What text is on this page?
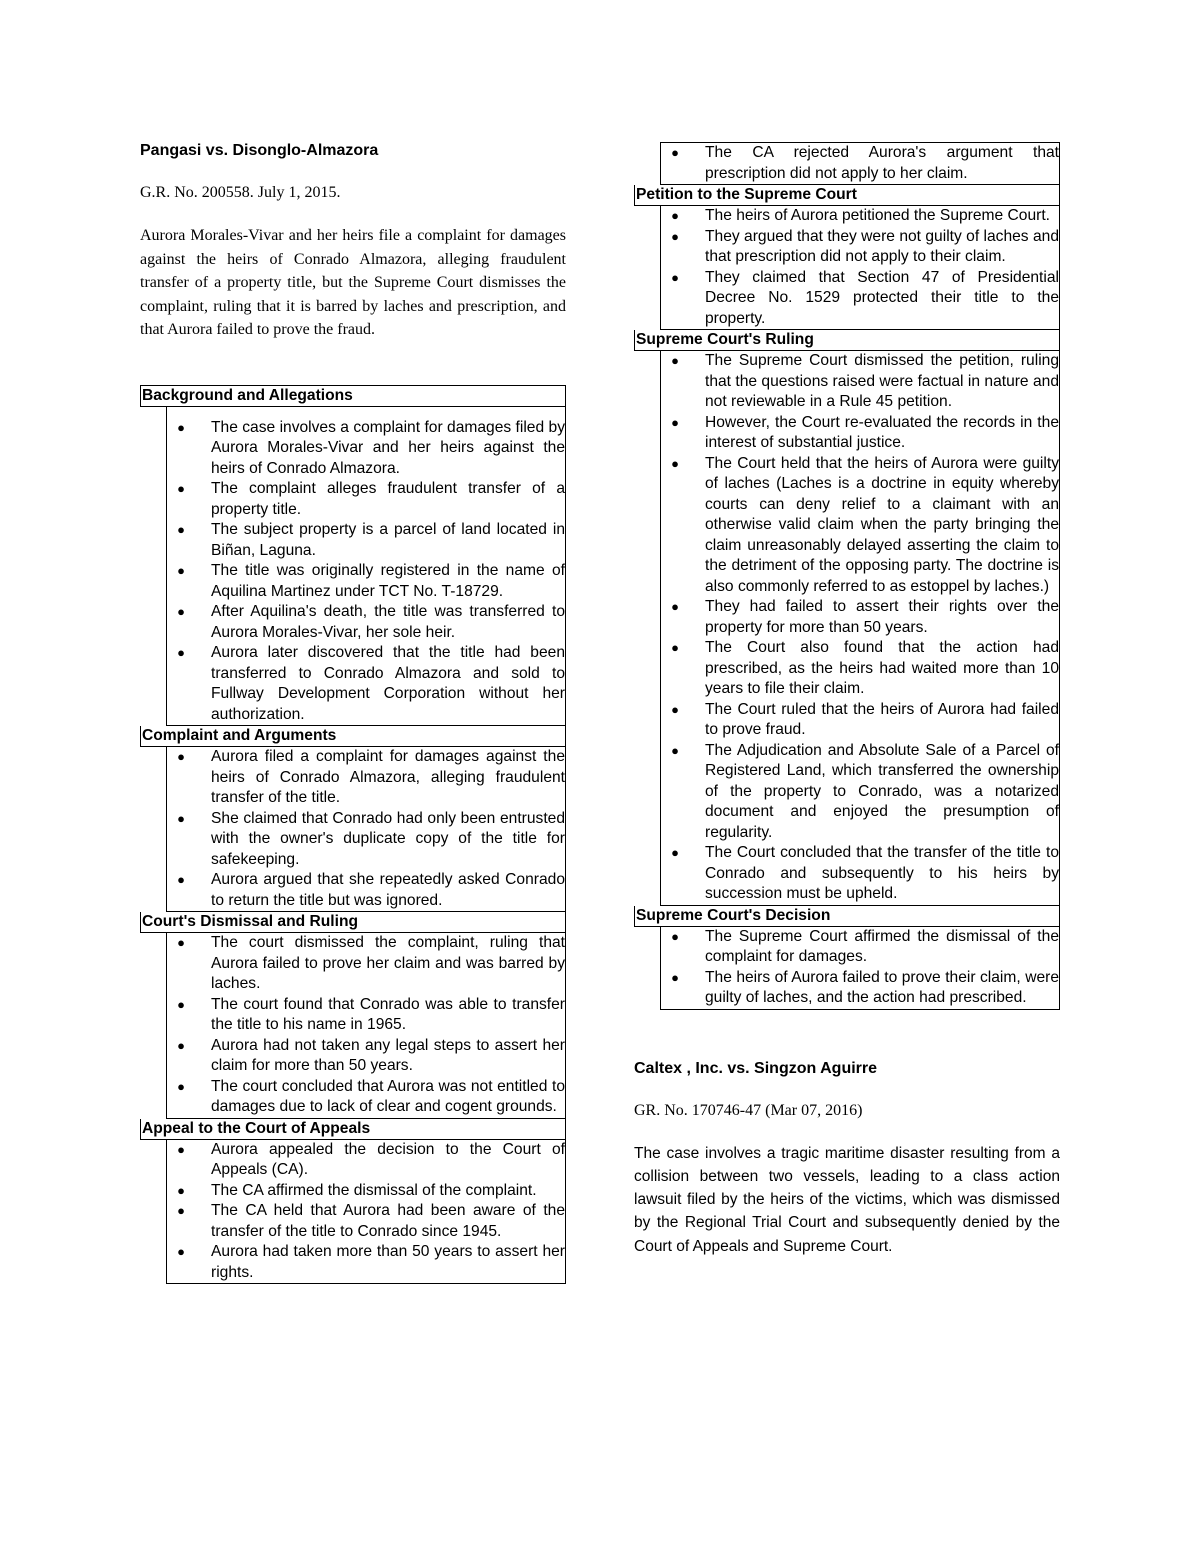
Pangasi vs. Disonglo-Almazora
G.R. No. 200558. July 1, 2015.
Aurora Morales-Vivar and her heirs file a complaint for damages against the heirs of Conrado Almazora, alleging fraudulent transfer of a property title, but the Supreme Court dismisses the complaint, ruling that it is barred by laches and prescription, and that Aurora failed to prove the fraud.
Background and Allegations
● The case involves a complaint for damages filed by Aurora Morales-Vivar and her heirs against the heirs of Conrado Almazora.
● The complaint alleges fraudulent transfer of a property title.
● The subject property is a parcel of land located in Biñan, Laguna.
● The title was originally registered in the name of Aquilina Martinez under TCT No. T-18729.
● After Aquilina's death, the title was transferred to Aurora Morales-Vivar, her sole heir.
● Aurora later discovered that the title had been transferred to Conrado Almazora and sold to Fullway Development Corporation without her authorization.
Complaint and Arguments
● Aurora filed a complaint for damages against the heirs of Conrado Almazora, alleging fraudulent transfer of the title.
● She claimed that Conrado had only been entrusted with the owner's duplicate copy of the title for safekeeping.
● Aurora argued that she repeatedly asked Conrado to return the title but was ignored.
Court's Dismissal and Ruling
● The court dismissed the complaint, ruling that Aurora failed to prove her claim and was barred by laches.
● The court found that Conrado was able to transfer the title to his name in 1965.
● Aurora had not taken any legal steps to assert her claim for more than 50 years.
● The court concluded that Aurora was not entitled to damages due to lack of clear and cogent grounds.
Appeal to the Court of Appeals
● Aurora appealed the decision to the Court of Appeals (CA).
● The CA affirmed the dismissal of the complaint.
● The CA held that Aurora had been aware of the transfer of the title to Conrado since 1945.
● Aurora had taken more than 50 years to assert her rights.
● The CA rejected Aurora's argument that prescription did not apply to her claim.
Petition to the Supreme Court
● The heirs of Aurora petitioned the Supreme Court.
● They argued that they were not guilty of laches and that prescription did not apply to their claim.
● They claimed that Section 47 of Presidential Decree No. 1529 protected their title to the property.
Supreme Court's Ruling
● The Supreme Court dismissed the petition, ruling that the questions raised were factual in nature and not reviewable in a Rule 45 petition.
● However, the Court re-evaluated the records in the interest of substantial justice.
● The Court held that the heirs of Aurora were guilty of laches (Laches is a doctrine in equity whereby courts can deny relief to a claimant with an otherwise valid claim when the party bringing the claim unreasonably delayed asserting the claim to the detriment of the opposing party. The doctrine is also commonly referred to as estoppel by laches.)
● They had failed to assert their rights over the property for more than 50 years.
● The Court also found that the action had prescribed, as the heirs had waited more than 10 years to file their claim.
● The Court ruled that the heirs of Aurora had failed to prove fraud.
● The Adjudication and Absolute Sale of a Parcel of Registered Land, which transferred the ownership of the property to Conrado, was a notarized document and enjoyed the presumption of regularity.
● The Court concluded that the transfer of the title to Conrado and subsequently to his heirs by succession must be upheld.
Supreme Court's Decision
● The Supreme Court affirmed the dismissal of the complaint for damages.
● The heirs of Aurora failed to prove their claim, were guilty of laches, and the action had prescribed.
Caltex , Inc. vs. Singzon Aguirre
GR. No. 170746-47 (Mar 07, 2016)
The case involves a tragic maritime disaster resulting from a collision between two vessels, leading to a class action lawsuit filed by the heirs of the victims, which was dismissed by the Regional Trial Court and subsequently denied by the Court of Appeals and Supreme Court.
